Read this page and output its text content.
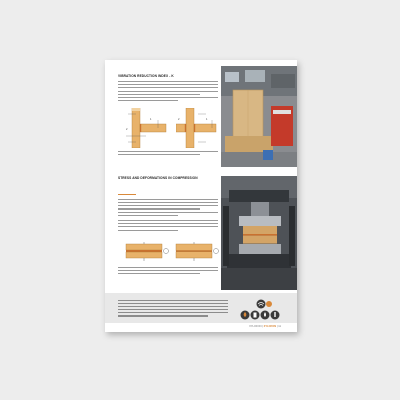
VIBRATION REDUCTION INDEX - K
1
2
1
2
STRESS AND DEFORMATIONS IN COMPRESSION
XYLOFON | XYLOFON | 11
